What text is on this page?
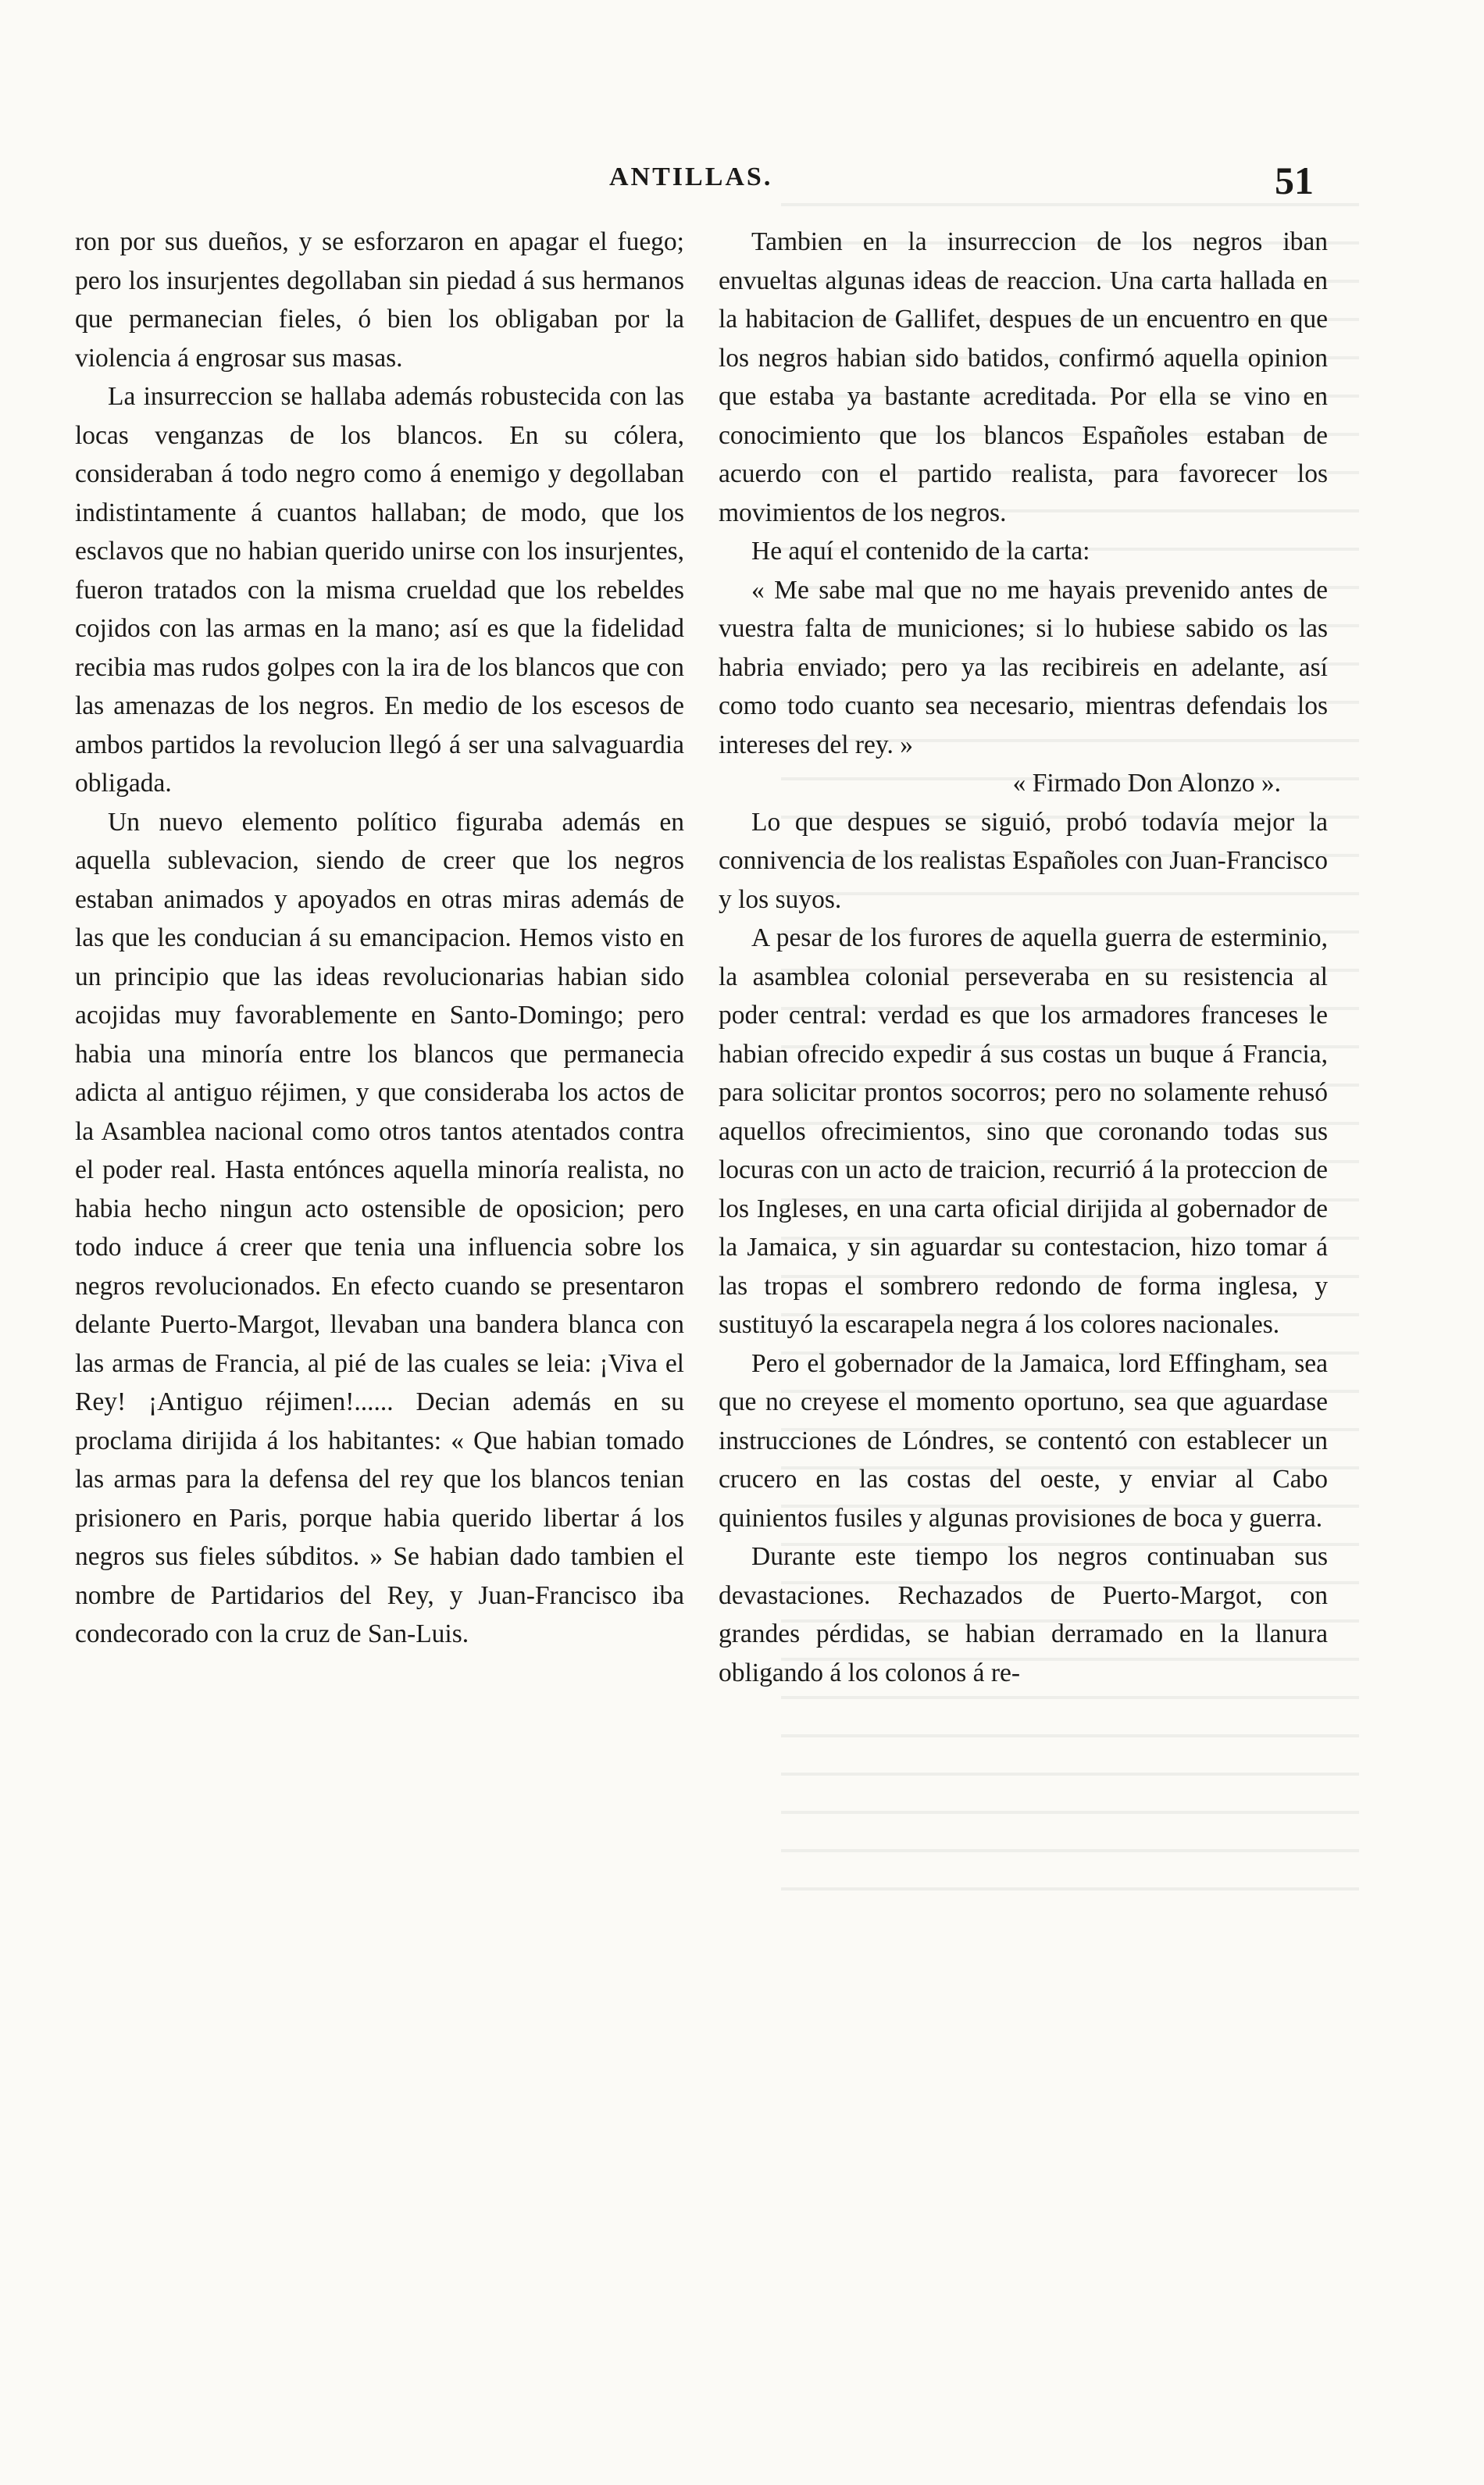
ANTILLAS.	51

ron por sus dueños, y se esforzaron en apagar el fuego; pero los insurjentes degollaban sin piedad á sus hermanos que permanecian fieles, ó bien los obligaban por la violencia á engrosar sus masas.

La insurreccion se hallaba además robustecida con las locas venganzas de los blancos. En su cólera, consideraban á todo negro como á enemigo y degollaban indistintamente á cuantos hallaban; de modo, que los esclavos que no habian querido unirse con los insurjentes, fueron tratados con la misma crueldad que los rebeldes cojidos con las armas en la mano; así es que la fidelidad recibia mas rudos golpes con la ira de los blancos que con las amenazas de los negros. En medio de los escesos de ambos partidos la revolucion llegó á ser una salvaguardia obligada.

Un nuevo elemento político figuraba además en aquella sublevacion, siendo de creer que los negros estaban animados y apoyados en otras miras además de las que les conducian á su emancipacion. Hemos visto en un principio que las ideas revolucionarias habian sido acojidas muy favorablemente en Santo-Domingo; pero habia una minoría entre los blancos que permanecia adicta al antiguo réjimen, y que consideraba los actos de la Asamblea nacional como otros tantos atentados contra el poder real. Hasta entónces aquella minoría realista, no habia hecho ningun acto ostensible de oposicion; pero todo induce á creer que tenia una influencia sobre los negros revolucionados. En efecto cuando se presentaron delante Puerto-Margot, llevaban una bandera blanca con las armas de Francia, al pié de las cuales se leia: ¡Viva el Rey! ¡Antiguo réjimen!...... Decian además en su proclama dirijida á los habitantes: « Que habian tomado las armas para la defensa del rey que los blancos tenian prisionero en Paris, porque habia querido libertar á los negros sus fieles súbditos. » Se habian dado tambien el nombre de Partidarios del Rey, y Juan-Francisco iba condecorado con la cruz de San-Luis.

Tambien en la insurreccion de los negros iban envueltas algunas ideas de reaccion. Una carta hallada en la habitacion de Gallifet, despues de un encuentro en que los negros habian sido batidos, confirmó aquella opinion que estaba ya bastante acreditada. Por ella se vino en conocimiento que los blancos Españoles estaban de acuerdo con el partido realista, para favorecer los movimientos de los negros.

He aquí el contenido de la carta:

« Me sabe mal que no me hayais prevenido antes de vuestra falta de municiones; si lo hubiese sabido os las habria enviado; pero ya las recibireis en adelante, así como todo cuanto sea necesario, mientras defendais los intereses del rey. »

« Firmado Don Alonzo ».

Lo que despues se siguió, probó todavía mejor la connivencia de los realistas Españoles con Juan-Francisco y los suyos.

A pesar de los furores de aquella guerra de esterminio, la asamblea colonial perseveraba en su resistencia al poder central: verdad es que los armadores franceses le habian ofrecido expedir á sus costas un buque á Francia, para solicitar prontos socorros; pero no solamente rehusó aquellos ofrecimientos, sino que coronando todas sus locuras con un acto de traicion, recurrió á la proteccion de los Ingleses, en una carta oficial dirijida al gobernador de la Jamaica, y sin aguardar su contestacion, hizo tomar á las tropas el sombrero redondo de forma inglesa, y sustituyó la escarapela negra á los colores nacionales.

Pero el gobernador de la Jamaica, lord Effingham, sea que no creyese el momento oportuno, sea que aguardase instrucciones de Lóndres, se contentó con establecer un crucero en las costas del oeste, y enviar al Cabo quinientos fusiles y algunas provisiones de boca y guerra.

Durante este tiempo los negros continuaban sus devastaciones. Rechazados de Puerto-Margot, con grandes pérdidas, se habian derramado en la llanura obligando á los colonos á re-
